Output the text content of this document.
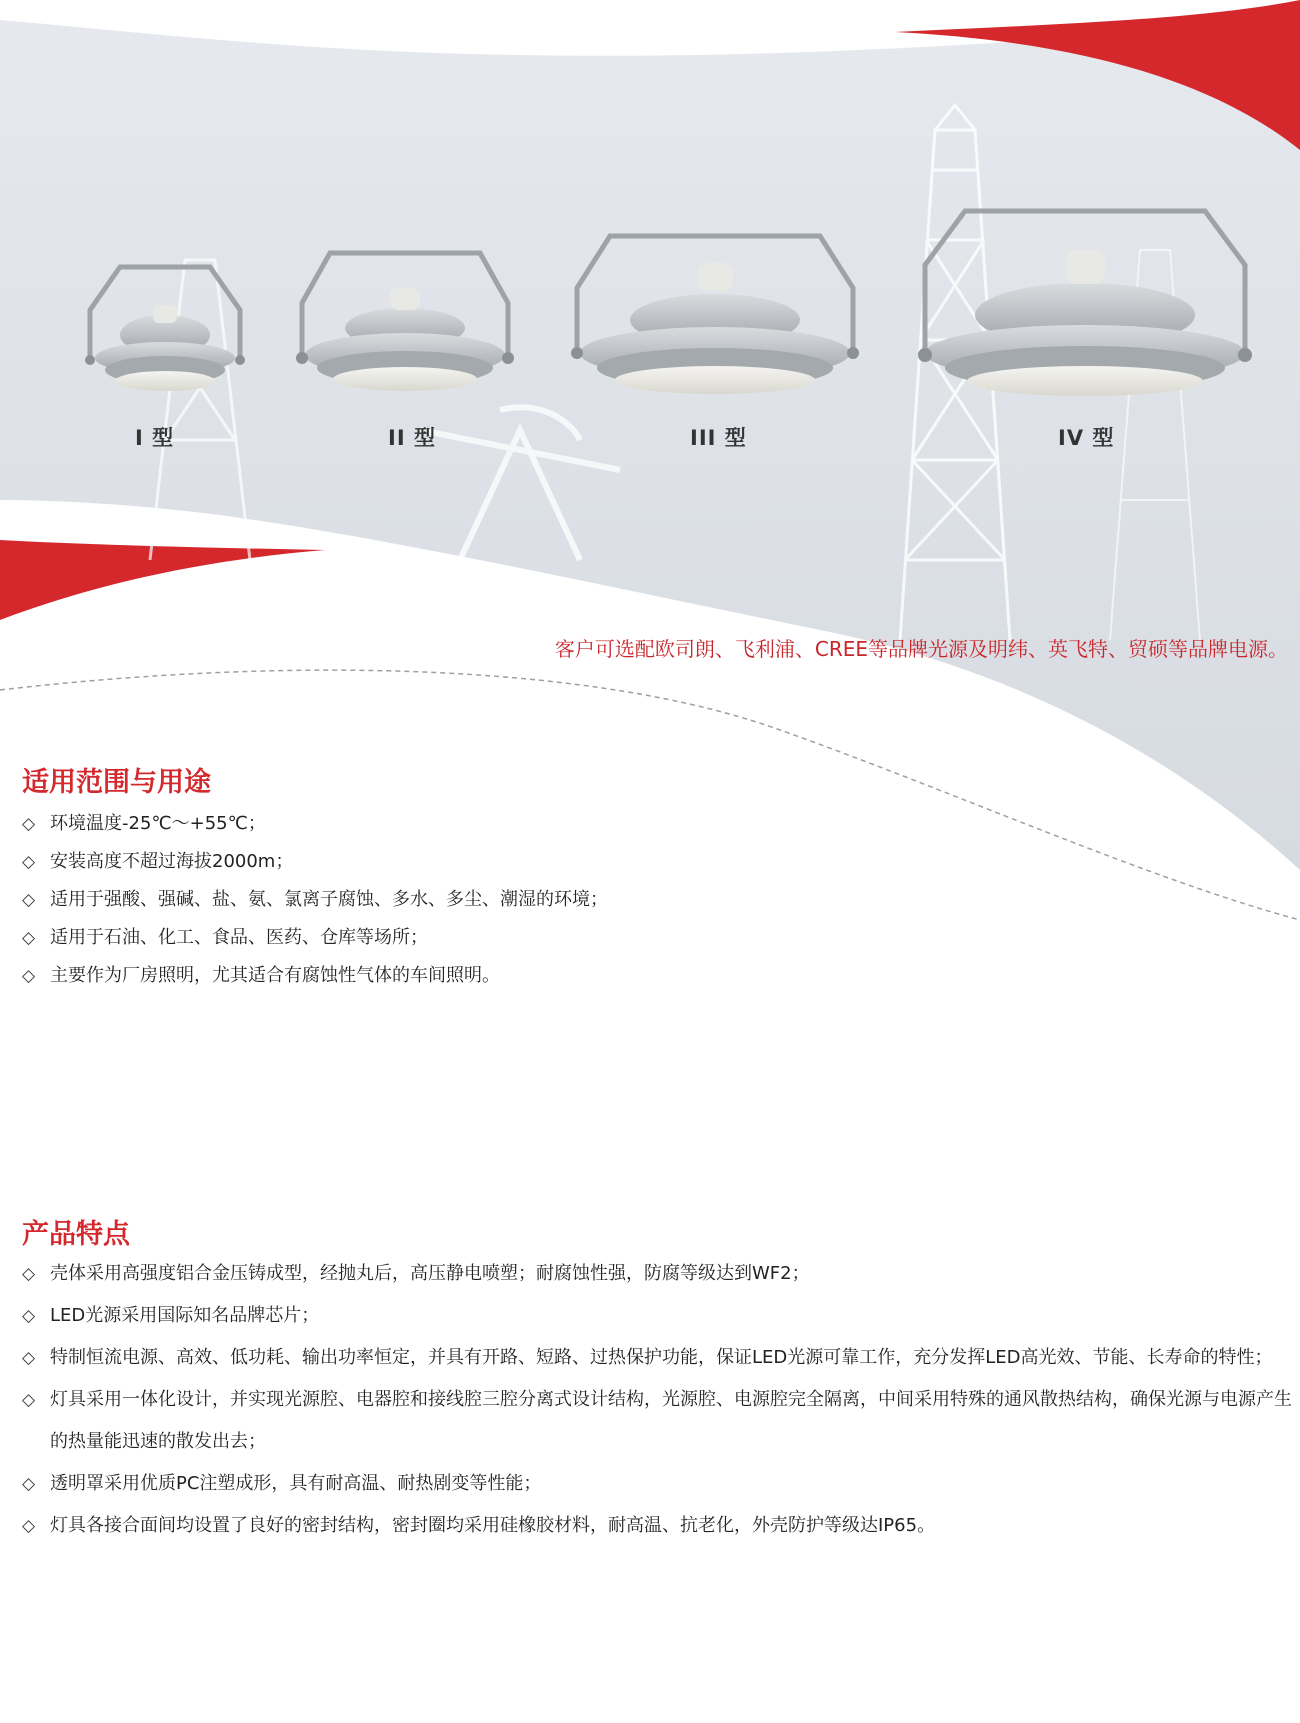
I 型	II 型	III 型	IV 型
客户可选配欧司朗、飞利浦、CREE等品牌光源及明纬、英飞特、贸硕等品牌电源。
适用范围与用途
◇ 环境温度-25℃～+55℃；
◇ 安装高度不超过海拔2000m；
◇ 适用于强酸、强碱、盐、氨、氯离子腐蚀、多水、多尘、潮湿的环境；
◇ 适用于石油、化工、食品、医药、仓库等场所；
◇ 主要作为厂房照明，尤其适合有腐蚀性气体的车间照明。
产品特点
◇ 壳体采用高强度铝合金压铸成型，经抛丸后，高压静电喷塑；耐腐蚀性强，防腐等级达到WF2；
◇ LED光源采用国际知名品牌芯片；
◇ 特制恒流电源、高效、低功耗、输出功率恒定，并具有开路、短路、过热保护功能，保证LED光源可靠工作，充分发挥LED高光效、节能、长寿命的特性；
◇ 灯具采用一体化设计，并实现光源腔、电器腔和接线腔三腔分离式设计结构，光源腔、电源腔完全隔离，中间采用特殊的通风散热结构，确保光源与电源产生的热量能迅速的散发出去；
◇ 透明罩采用优质PC注塑成形，具有耐高温、耐热剧变等性能；
◇ 灯具各接合面间均设置了良好的密封结构，密封圈均采用硅橡胶材料，耐高温、抗老化，外壳防护等级达IP65。
